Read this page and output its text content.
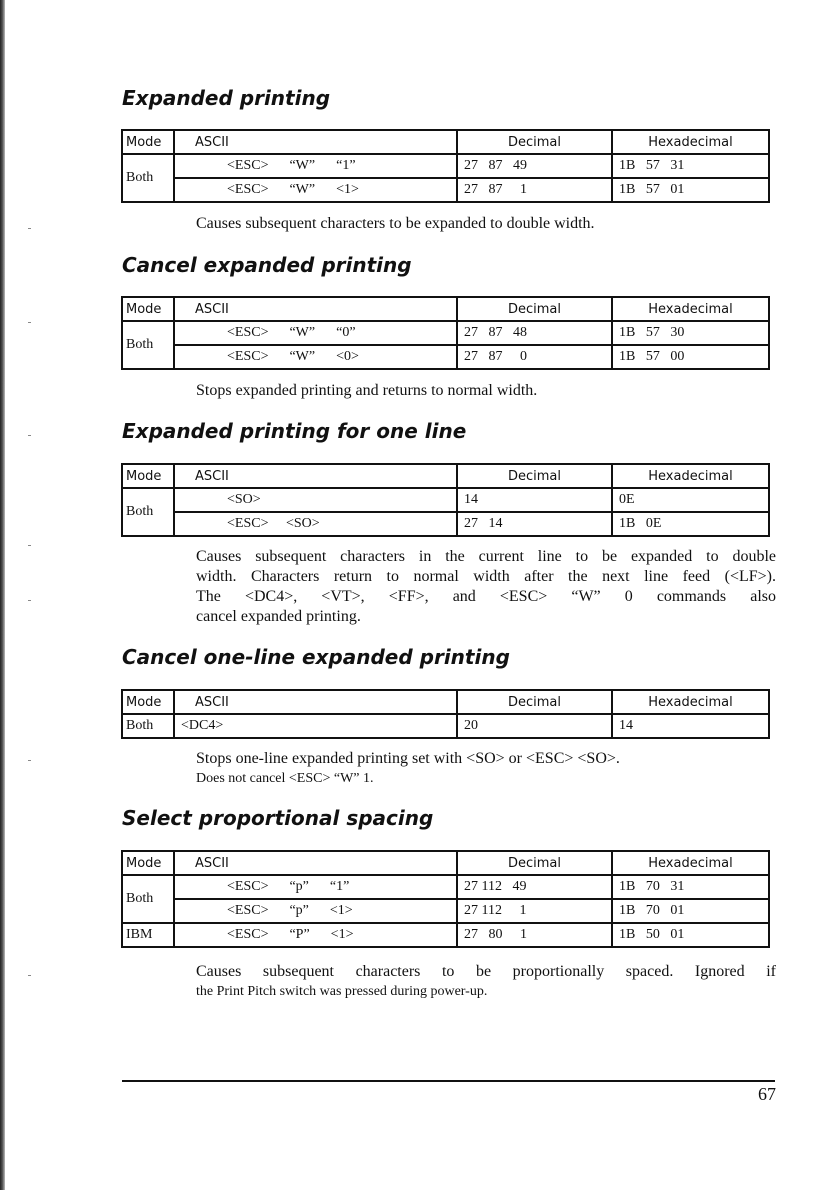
Expanded printing
Mode	ASCII	Decimal	Hexadecimal
Both	<ESC>      “W”      “1”	27   87   49	1B   57   31
	<ESC>      “W”      <1>	27   87     1	1B   57   01

Causes subsequent characters to be expanded to double width.

Cancel expanded printing
Mode	ASCII	Decimal	Hexadecimal
Both	<ESC>      “W”      “0”	27   87   48	1B   57   30
	<ESC>      “W”      <0>	27   87     0	1B   57   00

Stops expanded printing and returns to normal width.

Expanded printing for one line
Mode	ASCII	Decimal	Hexadecimal
Both	<SO>	14	0E
	<ESC>     <SO>	27   14	1B   0E
Causes subsequent characters in the current line to be expanded to double
width. Characters return to normal width after the next line feed (<LF>).
The <DC4>, <VT>, <FF>, and <ESC> “W” 0 commands also
cancel expanded printing.
Cancel one-line expanded printing
Mode	ASCII	Decimal	Hexadecimal
Both	<DC4>	20	14
Stops one-line expanded printing set with <SO> or <ESC> <SO>.
Does not cancel <ESC> “W” 1.
Select proportional spacing
Mode	ASCII	Decimal	Hexadecimal
Both	<ESC>      “p”      “1”	27 112   49	1B   70   31
	<ESC>      “p”      <1>	27 112     1	1B   70   01
IBM	<ESC>      “P”      <1>	27   80     1	1B   50   01
Causes subsequent characters to be proportionally spaced. Ignored if
the Print Pitch switch was pressed during power-up.
67
